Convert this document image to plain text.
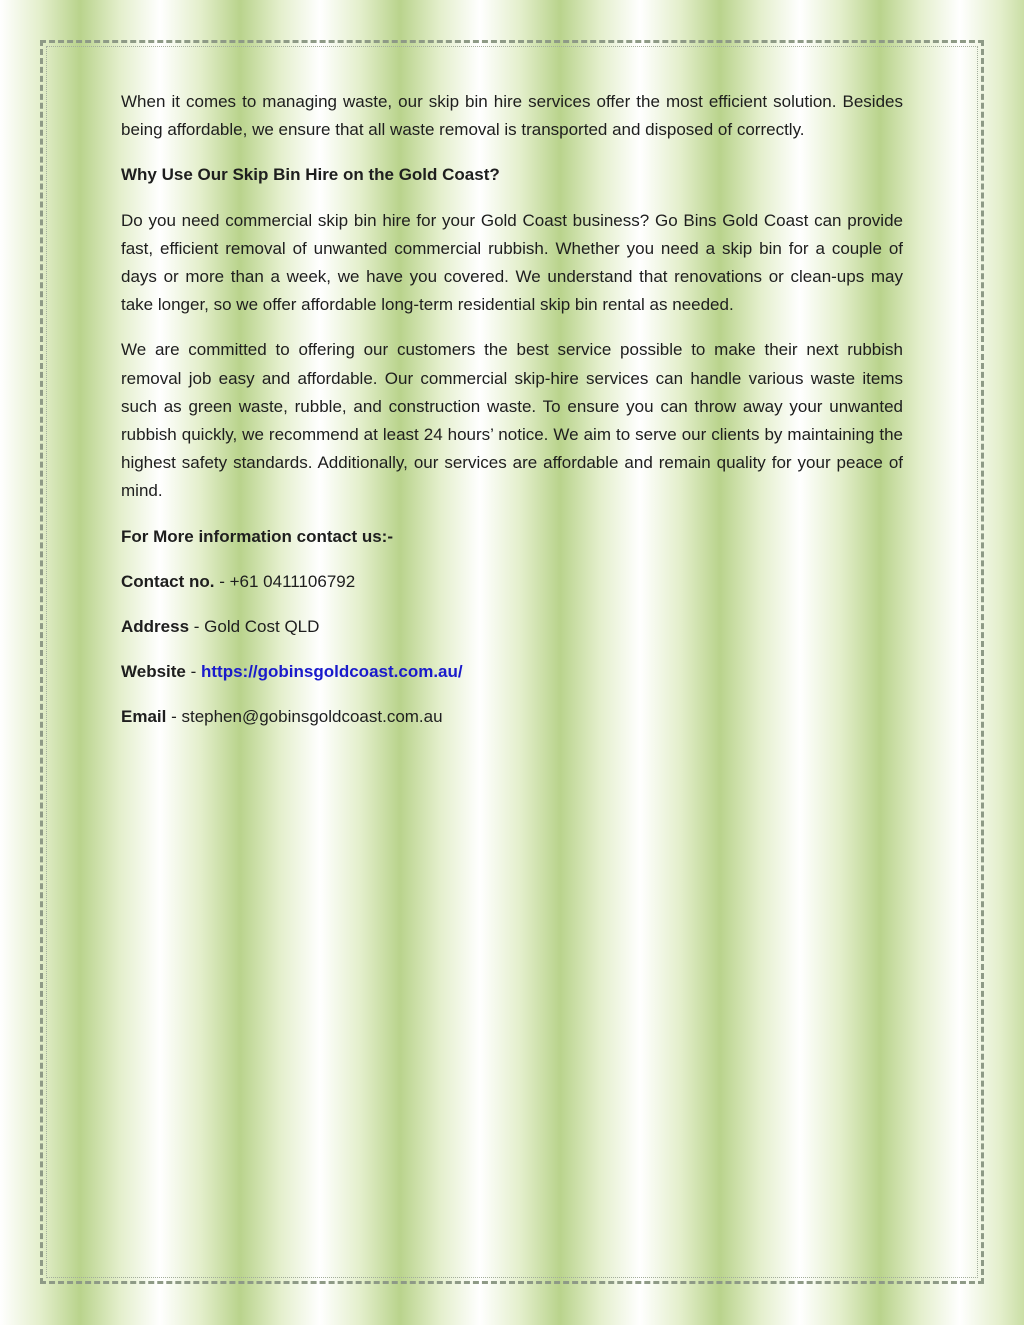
When it comes to managing waste, our skip bin hire services offer the most efficient solution. Besides being affordable, we ensure that all waste removal is transported and disposed of correctly.

Why Use Our Skip Bin Hire on the Gold Coast?

Do you need commercial skip bin hire for your Gold Coast business? Go Bins Gold Coast can provide fast, efficient removal of unwanted commercial rubbish. Whether you need a skip bin for a couple of days or more than a week, we have you covered. We understand that renovations or clean-ups may take longer, so we offer affordable long-term residential skip bin rental as needed.

We are committed to offering our customers the best service possible to make their next rubbish removal job easy and affordable. Our commercial skip-hire services can handle various waste items such as green waste, rubble, and construction waste. To ensure you can throw away your unwanted rubbish quickly, we recommend at least 24 hours’ notice. We aim to serve our clients by maintaining the highest safety standards. Additionally, our services are affordable and remain quality for your peace of mind.

For More information contact us:-

Contact no. - +61 0411106792
Address - Gold Cost QLD
Website - https://gobinsgoldcoast.com.au/
Email - stephen@gobinsgoldcoast.com.au
